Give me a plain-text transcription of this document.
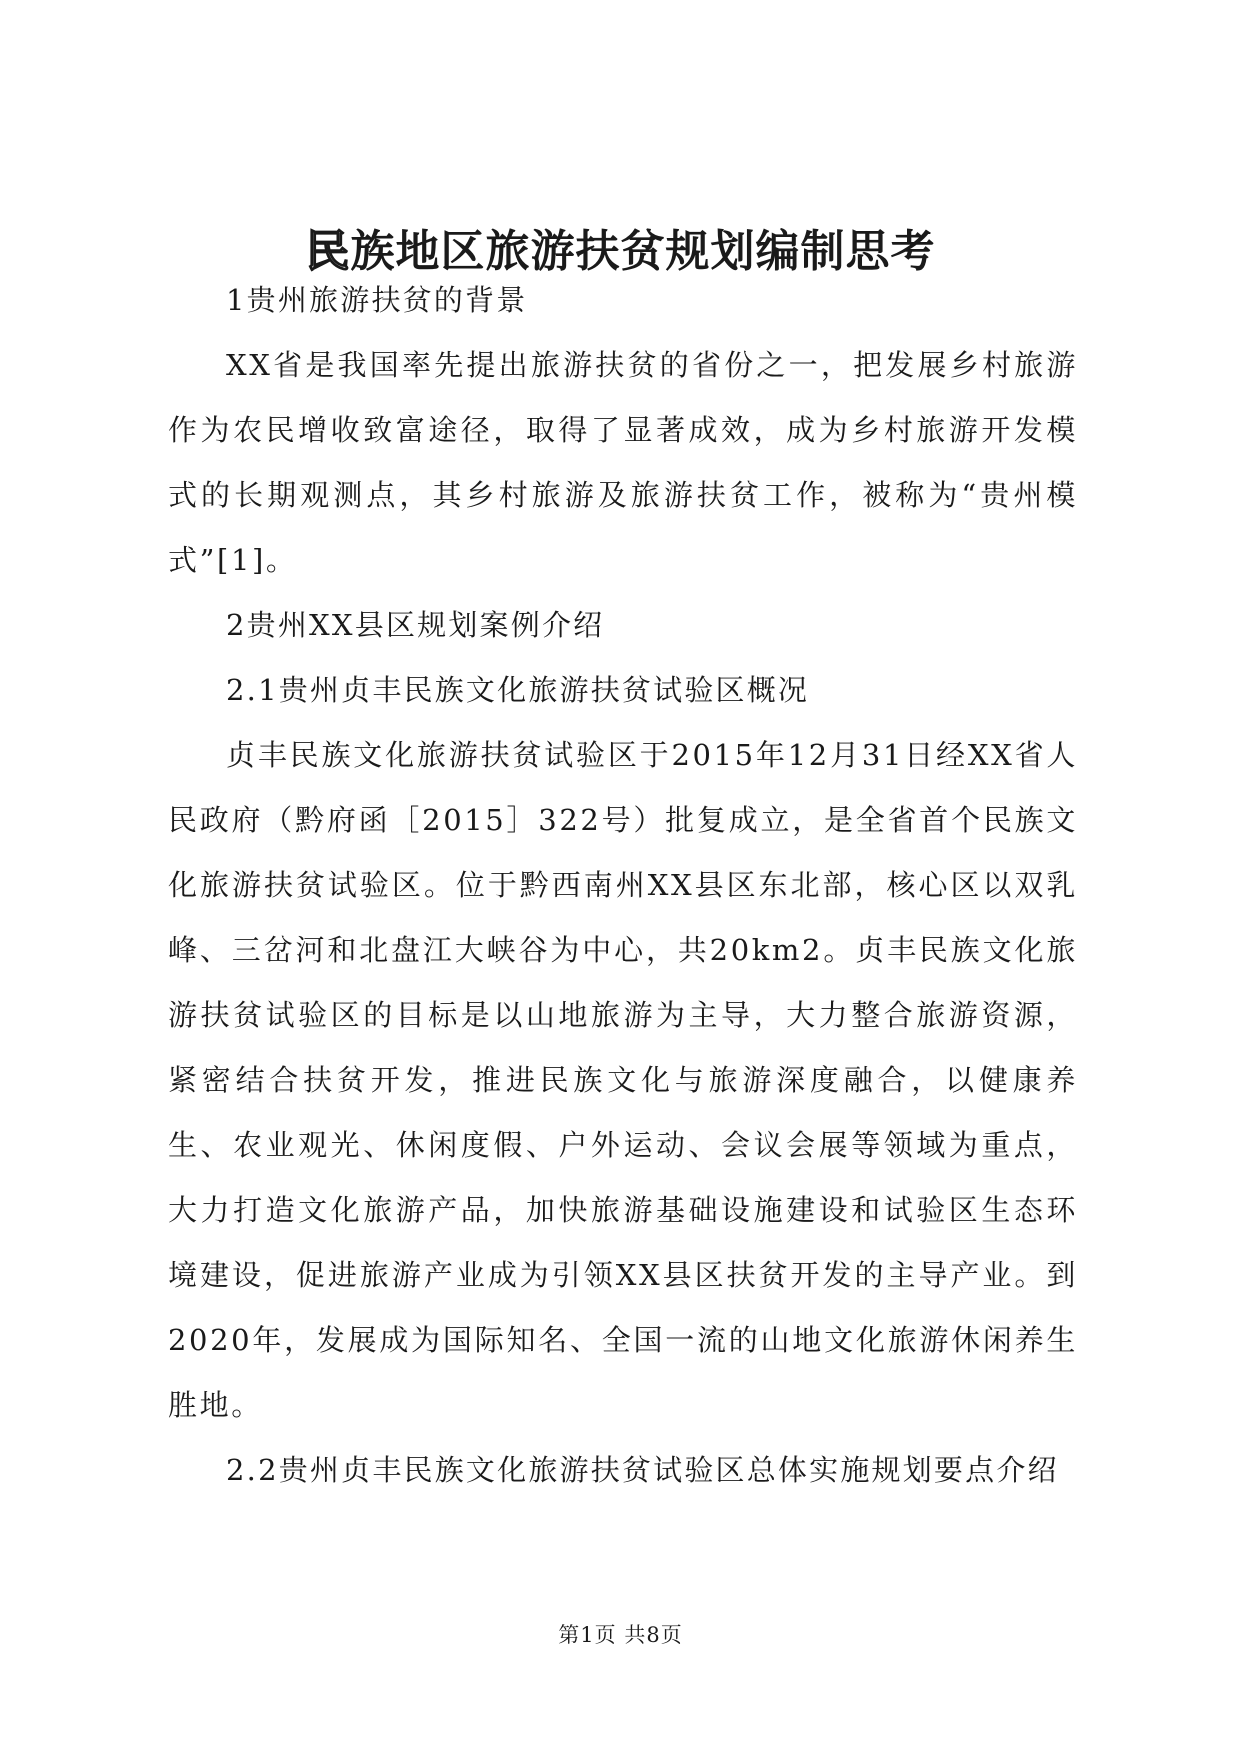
民族地区旅游扶贫规划编制思考

1贵州旅游扶贫的背景

XX省是我国率先提出旅游扶贫的省份之一，把发展乡村旅游作为农民增收致富途径，取得了显著成效，成为乡村旅游开发模式的长期观测点，其乡村旅游及旅游扶贫工作，被称为“贵州模式”[1]。

2贵州XX县区规划案例介绍

2.1贵州贞丰民族文化旅游扶贫试验区概况

贞丰民族文化旅游扶贫试验区于2015年12月31日经XX省人民政府（黔府函［2015］322号）批复成立，是全省首个民族文化旅游扶贫试验区。位于黔西南州XX县区东北部，核心区以双乳峰、三岔河和北盘江大峡谷为中心，共20km2。贞丰民族文化旅游扶贫试验区的目标是以山地旅游为主导，大力整合旅游资源，紧密结合扶贫开发，推进民族文化与旅游深度融合，以健康养生、农业观光、休闲度假、户外运动、会议会展等领域为重点，大力打造文化旅游产品，加快旅游基础设施建设和试验区生态环境建设，促进旅游产业成为引领XX县区扶贫开发的主导产业。到2020年，发展成为国际知名、全国一流的山地文化旅游休闲养生胜地。

2.2贵州贞丰民族文化旅游扶贫试验区总体实施规划要点介绍

第1页 共8页
